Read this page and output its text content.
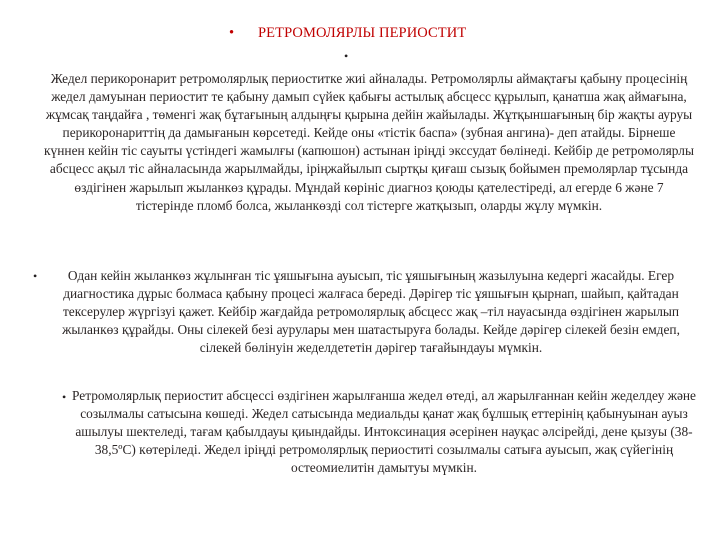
• РЕТРОМОЛЯРЛЫ ПЕРИОСТИТ
•
Жедел перикоронарит ретромолярлық периоститке жиі айналады. Ретромолярлы аймақтағы қабыну процесінің жедел дамуынан периостит те қабыну дамып сүйек қабығы астылық абсцесс құрылып, қанатша жақ аймағына, жұмсақ таңдайға , төменгі жақ бұтағының алдыңғы қырына дейін жайылады. Жұтқыншағының бір жақты ауруы перикоронариттің да дамығанын көрсетеді. Кейде оны «тістік баспа» (зубная ангина)- деп атайды. Бірнеше күннен кейін тіс сауыты үстіндегі жамылғы (капюшон) астынан іріңді экссудат бөлінеді. Кейбір де ретромолярлы абсцесс ақыл тіс айналасында жарылмайды, іріңжайылып сыртқы қиғаш сызық бойымен премолярлар тұсында өздігінен жарылып жыланкөз құрады. Мұндай көрініс диагноз қоюды қателестіреді, ал егерде 6 және 7 тістерінде пломб болса, жыланкөзді сол тістерге жатқызып, оларды жұлу мүмкін.
•	Одан кейін жыланкөз жұлынған тіс ұяшығына ауысып, тіс ұяшығының жазылуына кедергі жасайды. Егер диагностика дұрыс болмаса қабыну процесі жалғаса береді. Дәрігер тіс ұяшығын қырнап, шайып, қайтадан тексерулер жүргізуі қажет. Кейбір жағдайда ретромолярлық абсцесс жақ –тіл науасында өздігінен жарылып жыланкөз құрайды. Оны сілекей безі аурулары мен шатастыруға болады. Кейде дәрігер сілекей безін емдеп, сілекей бөлінуін жеделдететін дәрігер тағайындауы мүмкін.
• Ретромолярлық периостит абсцессі өздігінен жарылғанша жедел өтеді, ал жарылғаннан кейін жеделдеу және созылмалы сатысына көшеді. Жедел сатысында медиальды қанат жақ бұлшық еттерінің қабынуынан ауыз ашылуы шектеледі, тағам қабылдауы қиындайды. Интоксинация әсерінен науқас әлсірейді, дене қызуы (38-38,5ºС) көтеріледі. Жедел іріңді ретромолярлық периоститі созылмалы сатыға ауысып, жақ сүйегінің остеомиелитін дамытуы мүмкін.
